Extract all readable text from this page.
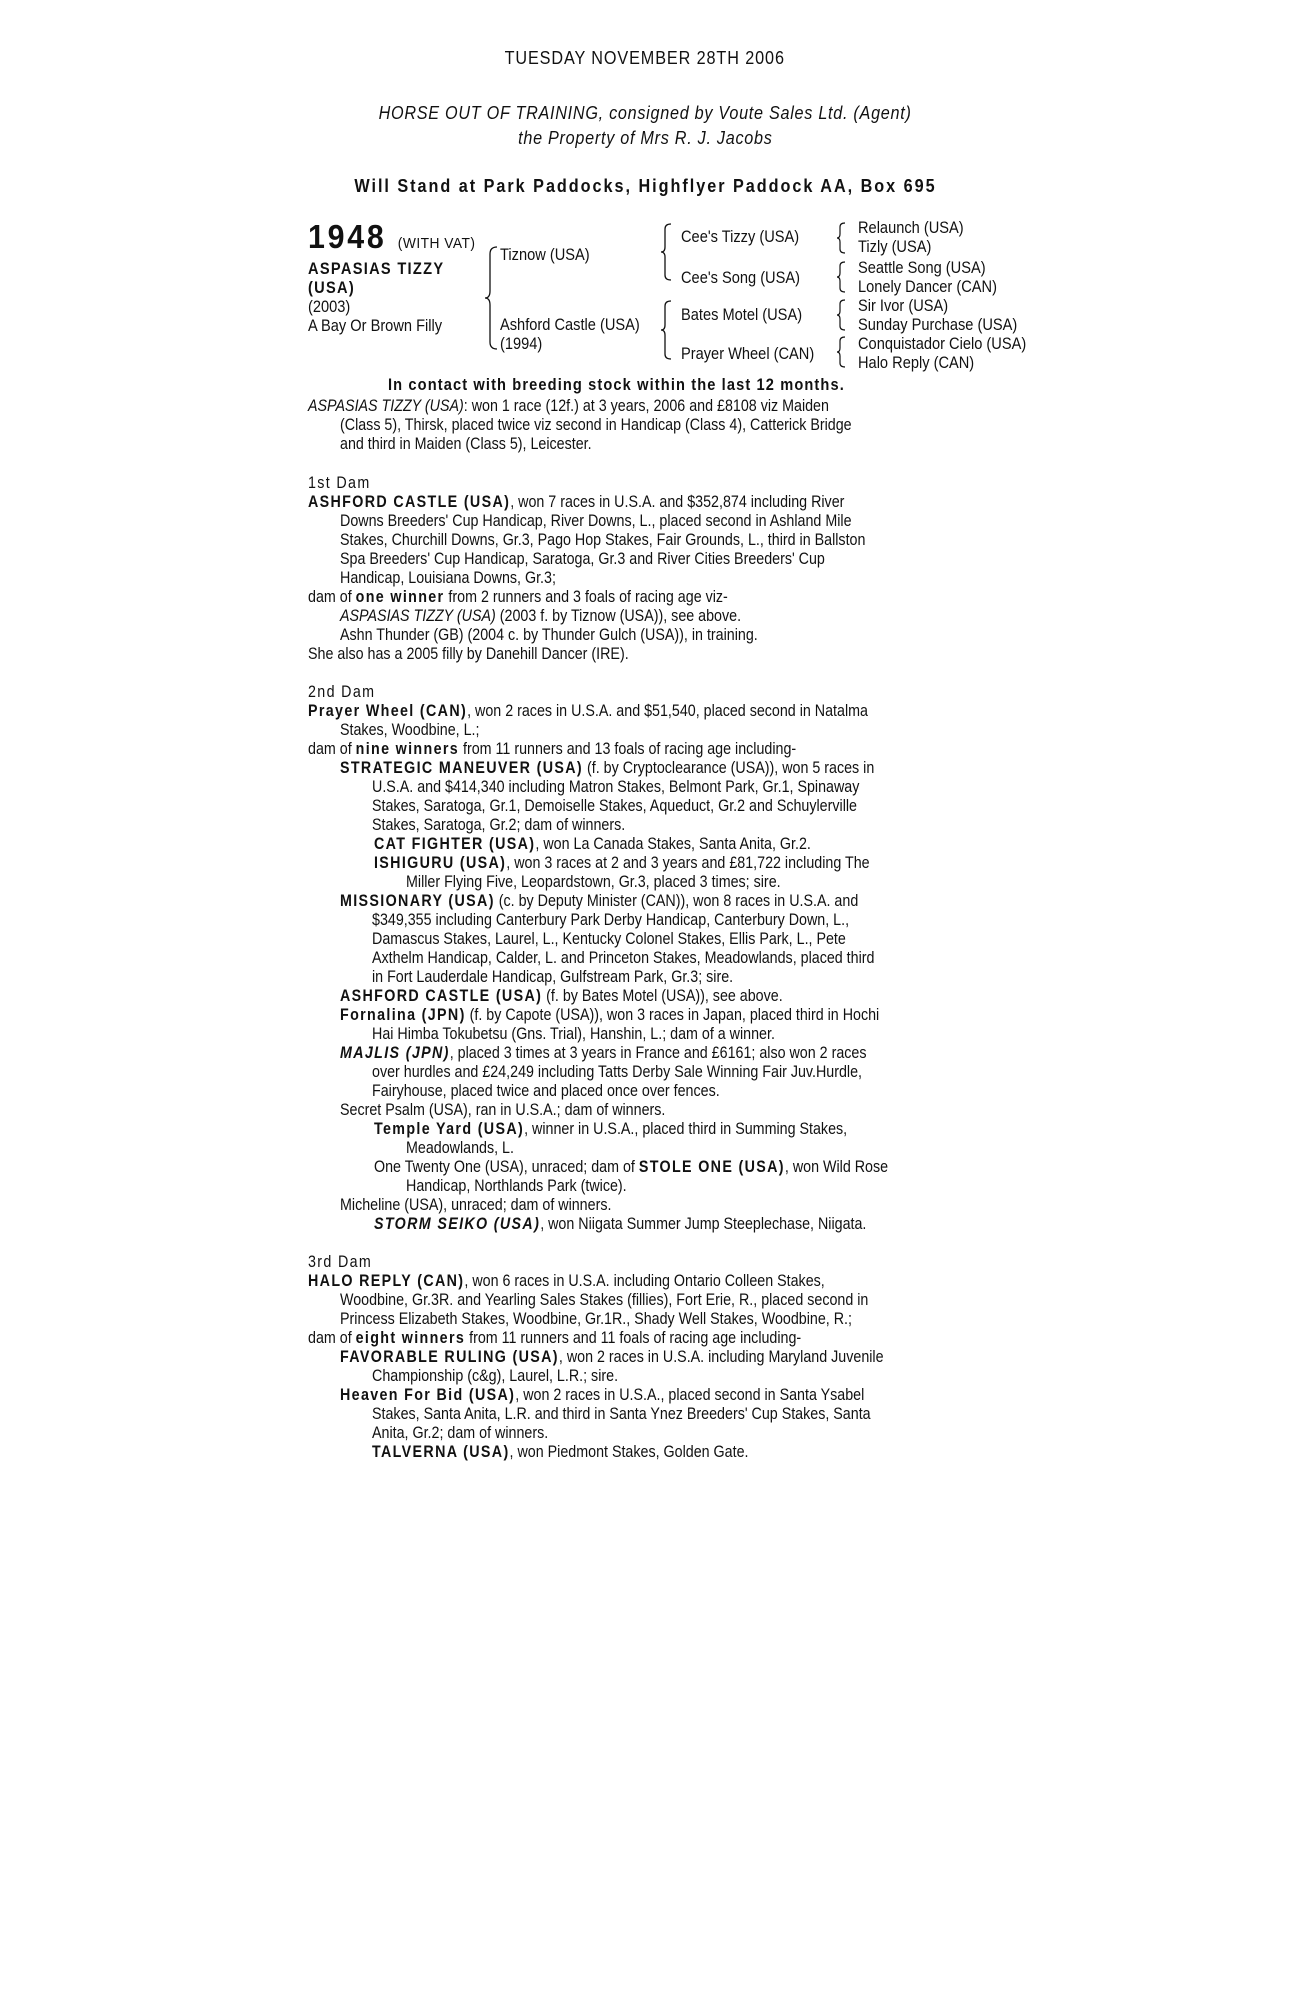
TUESDAY NOVEMBER 28TH 2006
HORSE OUT OF TRAINING, consigned by Voute Sales Ltd. (Agent)
the Property of Mrs R. J. Jacobs
Will Stand at Park Paddocks, Highflyer Paddock AA, Box 695
1948 (WITH VAT)
ASPASIAS TIZZY
(USA)
(2003)
A Bay Or Brown Filly
Tiznow (USA)
Ashford Castle (USA)
(1994)
Cee's Tizzy (USA)
Cee's Song (USA)
Bates Motel (USA)
Prayer Wheel (CAN)
Relaunch (USA)
Tizly (USA)
Seattle Song (USA)
Lonely Dancer (CAN)
Sir Ivor (USA)
Sunday Purchase (USA)
Conquistador Cielo (USA)
Halo Reply (CAN)
In contact with breeding stock within the last 12 months.
ASPASIAS TIZZY (USA): won 1 race (12f.) at 3 years, 2006 and £8108 viz Maiden
(Class 5), Thirsk, placed twice viz second in Handicap (Class 4), Catterick Bridge
and third in Maiden (Class 5), Leicester.
1st Dam
ASHFORD CASTLE (USA), won 7 races in U.S.A. and $352,874 including River
Downs Breeders' Cup Handicap, River Downs, L., placed second in Ashland Mile
Stakes, Churchill Downs, Gr.3, Pago Hop Stakes, Fair Grounds, L., third in Ballston
Spa Breeders' Cup Handicap, Saratoga, Gr.3 and River Cities Breeders' Cup
Handicap, Louisiana Downs, Gr.3;
dam of one winner from 2 runners and 3 foals of racing age viz-
ASPASIAS TIZZY (USA) (2003 f. by Tiznow (USA)), see above.
Ashn Thunder (GB) (2004 c. by Thunder Gulch (USA)), in training.
She also has a 2005 filly by Danehill Dancer (IRE).
2nd Dam
Prayer Wheel (CAN), won 2 races in U.S.A. and $51,540, placed second in Natalma
Stakes, Woodbine, L.;
dam of nine winners from 11 runners and 13 foals of racing age including-
STRATEGIC MANEUVER (USA) (f. by Cryptoclearance (USA)), won 5 races in
U.S.A. and $414,340 including Matron Stakes, Belmont Park, Gr.1, Spinaway
Stakes, Saratoga, Gr.1, Demoiselle Stakes, Aqueduct, Gr.2 and Schuylerville
Stakes, Saratoga, Gr.2; dam of winners.
CAT FIGHTER (USA), won La Canada Stakes, Santa Anita, Gr.2.
ISHIGURU (USA), won 3 races at 2 and 3 years and £81,722 including The
Miller Flying Five, Leopardstown, Gr.3, placed 3 times; sire.
MISSIONARY (USA) (c. by Deputy Minister (CAN)), won 8 races in U.S.A. and
$349,355 including Canterbury Park Derby Handicap, Canterbury Down, L.,
Damascus Stakes, Laurel, L., Kentucky Colonel Stakes, Ellis Park, L., Pete
Axthelm Handicap, Calder, L. and Princeton Stakes, Meadowlands, placed third
in Fort Lauderdale Handicap, Gulfstream Park, Gr.3; sire.
ASHFORD CASTLE (USA) (f. by Bates Motel (USA)), see above.
Fornalina (JPN) (f. by Capote (USA)), won 3 races in Japan, placed third in Hochi
Hai Himba Tokubetsu (Gns. Trial), Hanshin, L.; dam of a winner.
MAJLIS (JPN), placed 3 times at 3 years in France and £6161; also won 2 races
over hurdles and £24,249 including Tatts Derby Sale Winning Fair Juv.Hurdle,
Fairyhouse, placed twice and placed once over fences.
Secret Psalm (USA), ran in U.S.A.; dam of winners.
Temple Yard (USA), winner in U.S.A., placed third in Summing Stakes,
Meadowlands, L.
One Twenty One (USA), unraced; dam of STOLE ONE (USA), won Wild Rose
Handicap, Northlands Park (twice).
Micheline (USA), unraced; dam of winners.
STORM SEIKO (USA), won Niigata Summer Jump Steeplechase, Niigata.
3rd Dam
HALO REPLY (CAN), won 6 races in U.S.A. including Ontario Colleen Stakes,
Woodbine, Gr.3R. and Yearling Sales Stakes (fillies), Fort Erie, R., placed second in
Princess Elizabeth Stakes, Woodbine, Gr.1R., Shady Well Stakes, Woodbine, R.;
dam of eight winners from 11 runners and 11 foals of racing age including-
FAVORABLE RULING (USA), won 2 races in U.S.A. including Maryland Juvenile
Championship (c&g), Laurel, L.R.; sire.
Heaven For Bid (USA), won 2 races in U.S.A., placed second in Santa Ysabel
Stakes, Santa Anita, L.R. and third in Santa Ynez Breeders' Cup Stakes, Santa
Anita, Gr.2; dam of winners.
TALVERNA (USA), won Piedmont Stakes, Golden Gate.
